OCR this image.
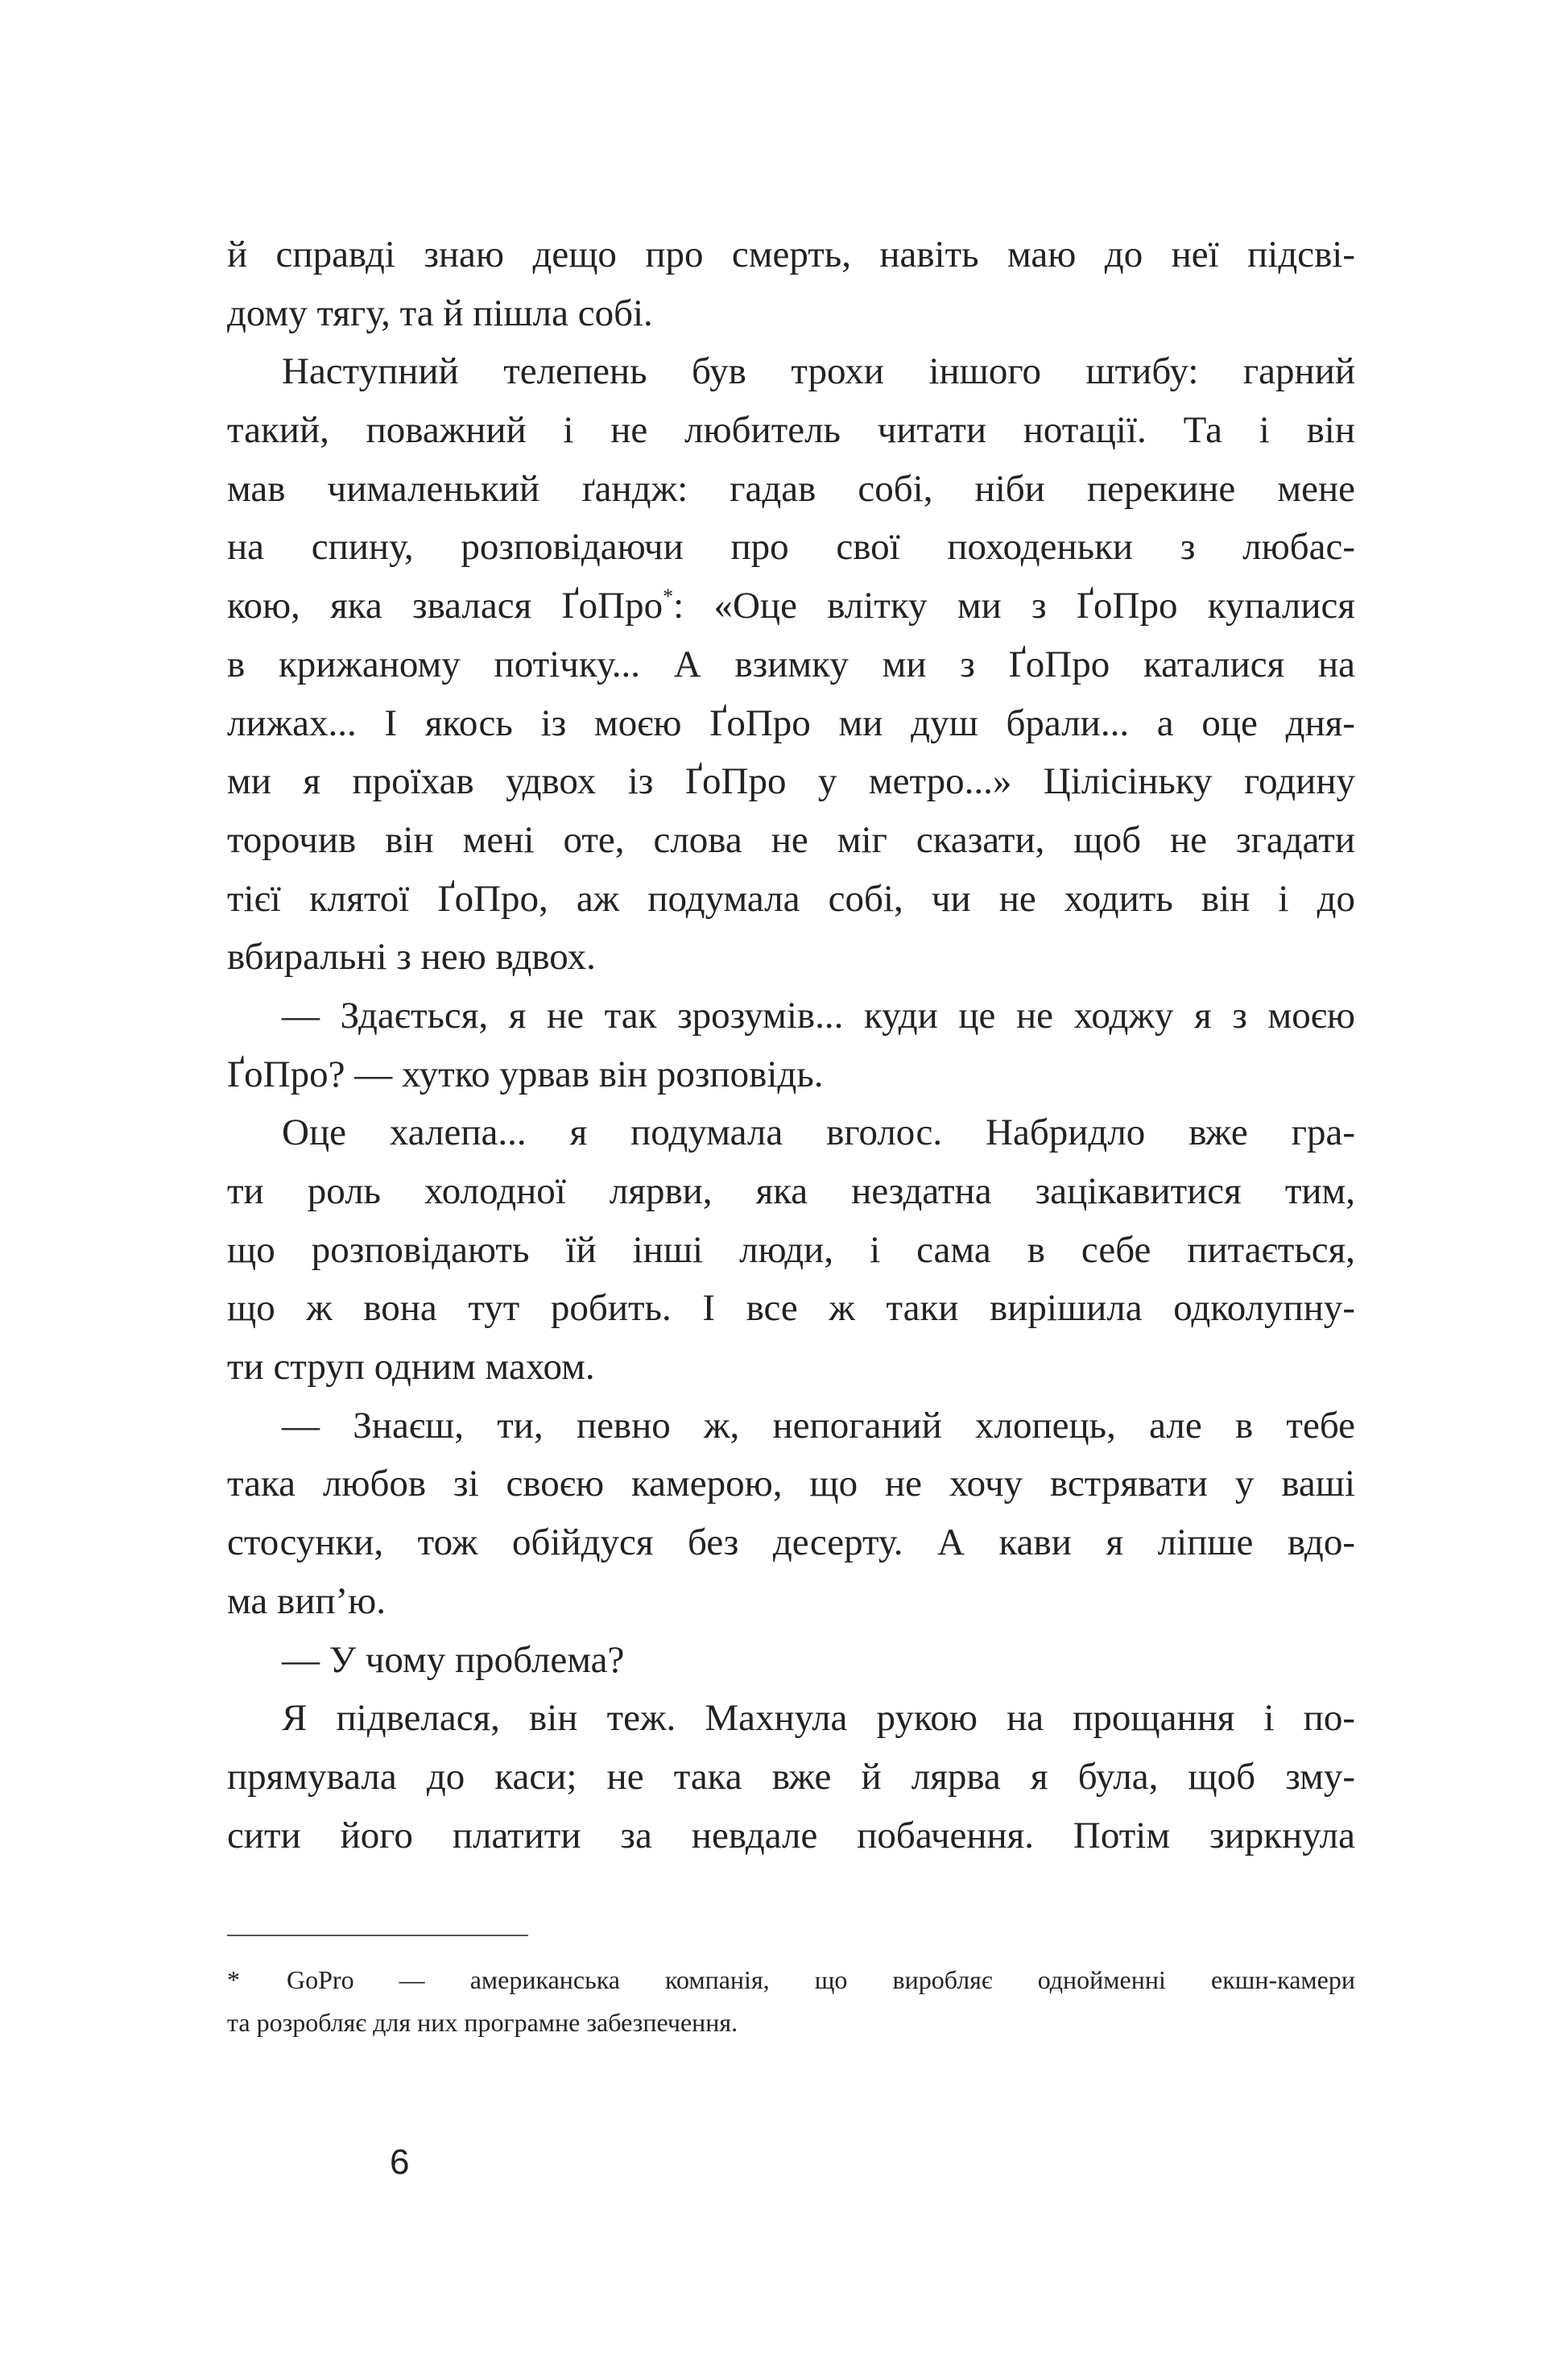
й справді знаю дещо про смерть, навіть маю до неї підсві-
дому тягу, та й пішла собі.
Наступний телепень був трохи іншого штибу: гарний
такий, поважний і не любитель читати нотації. Та і він
мав чималенький ґандж: гадав собі, ніби перекине мене
на спину, розповідаючи про свої походеньки з любас-
кою, яка звалася ҐоПро*: «Оце влітку ми з ҐоПро купалися
в крижаному потічку... А взимку ми з ҐоПро каталися на
лижах... І якось із моєю ҐоПро ми душ брали... а оце дня-
ми я проїхав удвох із ҐоПро у метро...» Цілісіньку годину
торочив він мені оте, слова не міг сказати, щоб не згадати
тієї клятої ҐоПро, аж подумала собі, чи не ходить він і до
вбиральні з нею вдвох.
— Здається, я не так зрозумів... куди це не ходжу я з моєю
ҐоПро? — хутко урвав він розповідь.
Оце халепа... я подумала вголос. Набридло вже гра-
ти роль холодної лярви, яка нездатна зацікавитися тим,
що розповідають їй інші люди, і сама в себе питається,
що ж вона тут робить. І все ж таки вирішила одколупну-
ти струп одним махом.
— Знаєш, ти, певно ж, непоганий хлопець, але в тебе
така любов зі своєю камерою, що не хочу встрявати у ваші
стосунки, тож обійдуся без десерту. А кави я ліпше вдо-
ма вип’ю.
— У чому проблема?
Я підвелася, він теж. Махнула рукою на прощання і по-
прямувала до каси; не така вже й лярва я була, щоб зму-
сити його платити за невдале побачення. Потім зиркнула
* GoPro — американська компанія, що виробляє однойменні екшн-камери
та розробляє для них програмне забезпечення.
6
